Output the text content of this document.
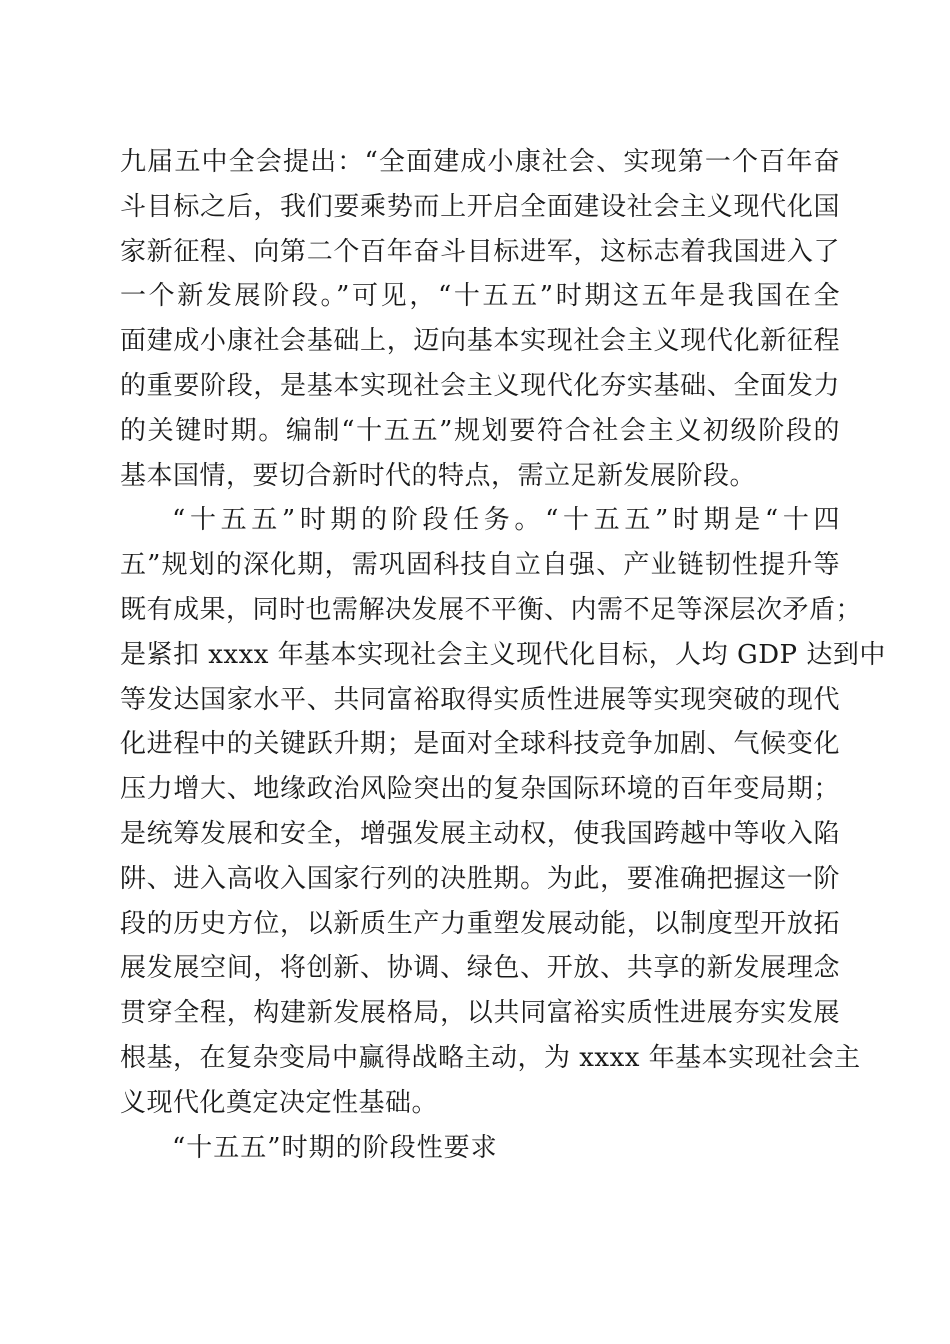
九届五中全会提出：“全面建成小康社会、实现第一个百年奋
斗目标之后，我们要乘势而上开启全面建设社会主义现代化国
家新征程、向第二个百年奋斗目标进军，这标志着我国进入了
一个新发展阶段。”可见，“十五五”时期这五年是我国在全
面建成小康社会基础上，迈向基本实现社会主义现代化新征程
的重要阶段，是基本实现社会主义现代化夯实基础、全面发力
的关键时期。编制“十五五”规划要符合社会主义初级阶段的
基本国情，要切合新时代的特点，需立足新发展阶段。
“十五五”时期的阶段任务。“十五五”时期是“十四
五”规划的深化期，需巩固科技自立自强、产业链韧性提升等
既有成果，同时也需解决发展不平衡、内需不足等深层次矛盾；
是紧扣 xxxx 年基本实现社会主义现代化目标，人均 GDP 达到中
等发达国家水平、共同富裕取得实质性进展等实现突破的现代
化进程中的关键跃升期；是面对全球科技竞争加剧、气候变化
压力增大、地缘政治风险突出的复杂国际环境的百年变局期；
是统筹发展和安全，增强发展主动权，使我国跨越中等收入陷
阱、进入高收入国家行列的决胜期。为此，要准确把握这一阶
段的历史方位，以新质生产力重塑发展动能，以制度型开放拓
展发展空间，将创新、协调、绿色、开放、共享的新发展理念
贯穿全程，构建新发展格局，以共同富裕实质性进展夯实发展
根基，在复杂变局中赢得战略主动，为 xxxx 年基本实现社会主
义现代化奠定决定性基础。
“十五五”时期的阶段性要求
